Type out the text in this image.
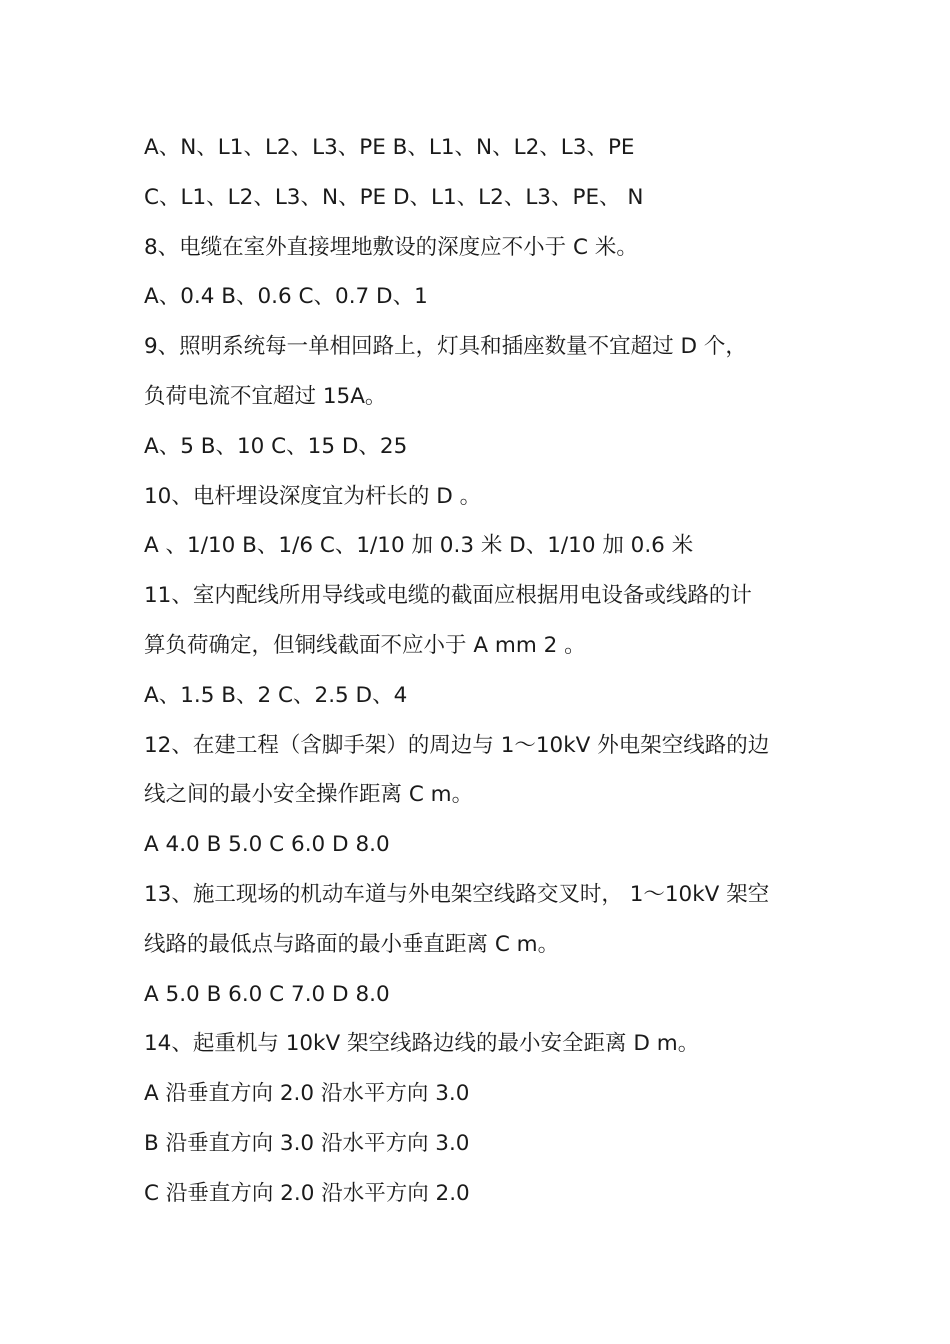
A、N、L1、L2、L3、PE B、L1、N、L2、L3、PE
C、L1、L2、L3、N、PE D、L1、L2、L3、PE、 N
8、电缆在室外直接埋地敷设的深度应不小于 C 米。
A、0.4 B、0.6 C、0.7 D、1
9、照明系统每一单相回路上，灯具和插座数量不宜超过 D 个，
负荷电流不宜超过 15A。
A、5 B、10 C、15 D、25
10、电杆埋设深度宜为杆长的 D 。
A 、1/10 B、1/6 C、1/10 加 0.3 米 D、1/10 加 0.6 米
11、室内配线所用导线或电缆的截面应根据用电设备或线路的计
算负荷确定，但铜线截面不应小于 A mm 2 。
A、1.5 B、2 C、2.5 D、4
12、在建工程（含脚手架）的周边与 1～10kV 外电架空线路的边
线之间的最小安全操作距离 C m。
A 4.0 B 5.0 C 6.0 D 8.0
13、施工现场的机动车道与外电架空线路交叉时， 1～10kV 架空
线路的最低点与路面的最小垂直距离 C m。
A 5.0 B 6.0 C 7.0 D 8.0
14、起重机与 10kV 架空线路边线的最小安全距离 D m。
A 沿垂直方向 2.0 沿水平方向 3.0
B 沿垂直方向 3.0 沿水平方向 3.0
C 沿垂直方向 2.0 沿水平方向 2.0
